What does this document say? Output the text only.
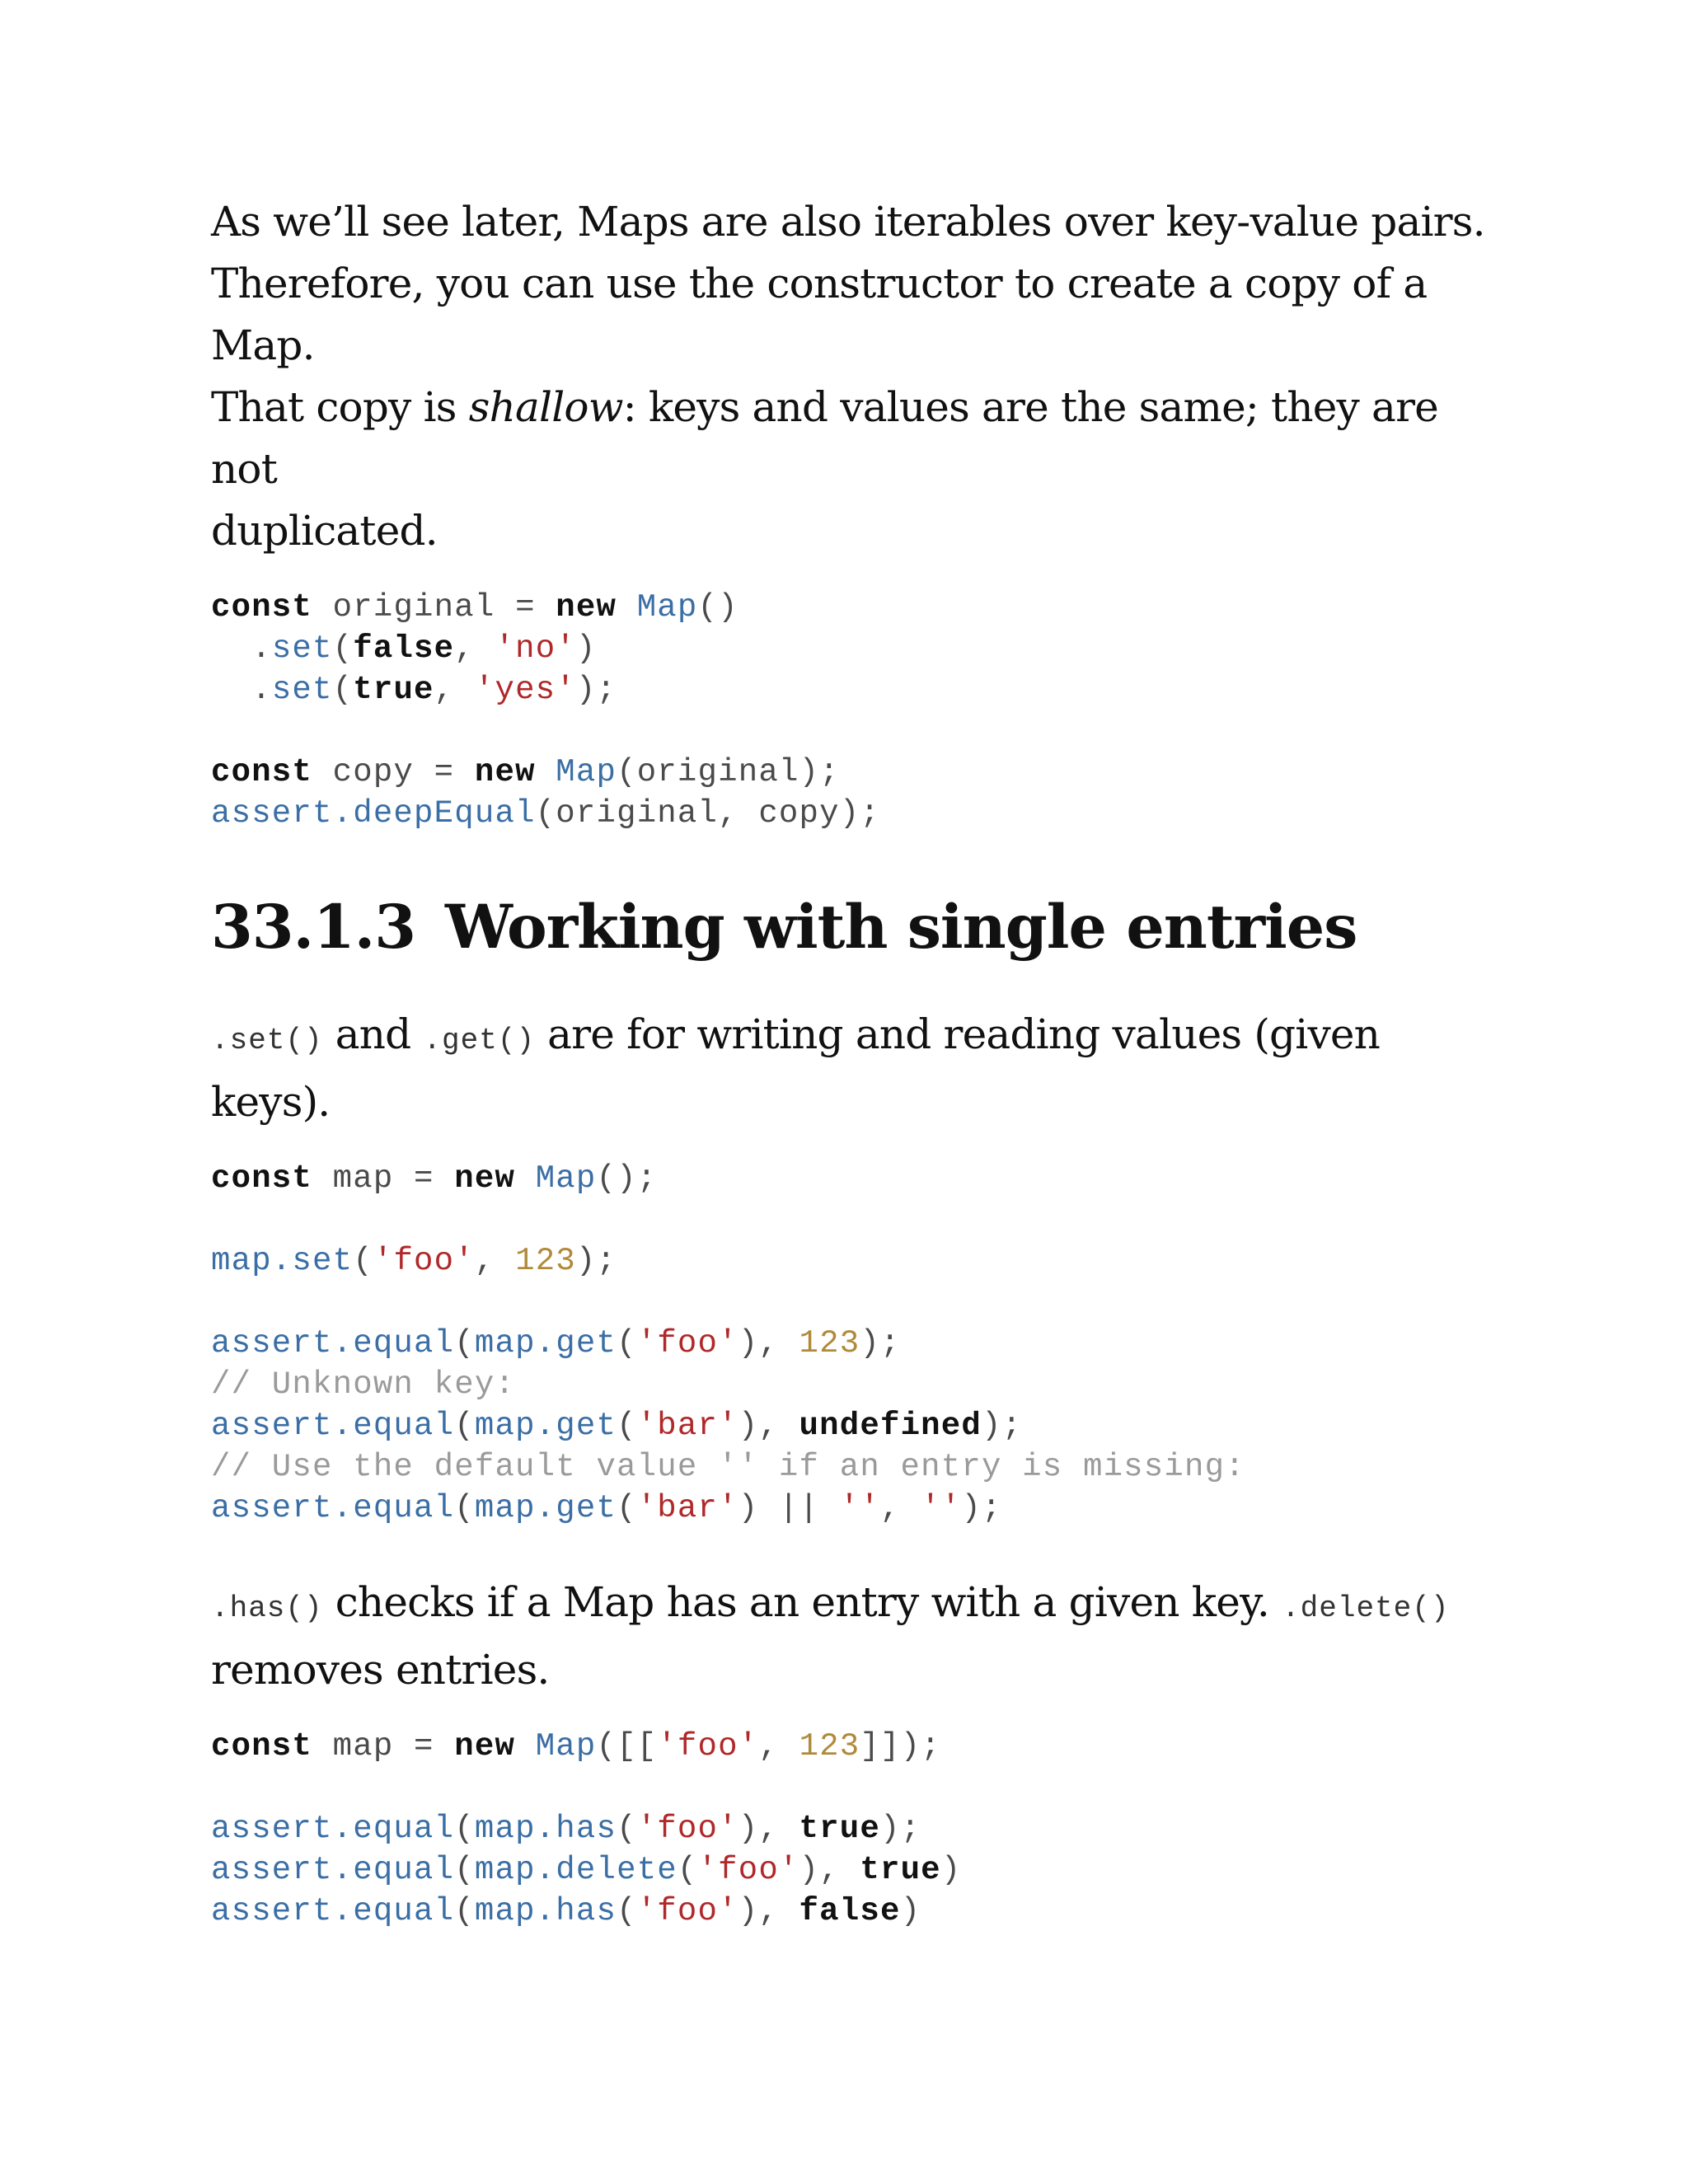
As we’ll see later, Maps are also iterables over key-value pairs.
Therefore, you can use the constructor to create a copy of a Map.
That copy is shallow: keys and values are the same; they are not
duplicated.

const original = new Map()
.set(false, 'no')
.set(true, 'yes');

const copy = new Map(original);
assert.deepEqual(original, copy);
33.1.3 Working with single entries

.set() and .get() are for writing and reading values (given keys).

const map = new Map();

map.set('foo', 123);

assert.equal(map.get('foo'), 123);
// Unknown key:
assert.equal(map.get('bar'), undefined);
// Use the default value '' if an entry is missing:
assert.equal(map.get('bar') || '', '');

.has() checks if a Map has an entry with a given key. .delete()
removes entries.

const map = new Map([['foo', 123]]);

assert.equal(map.has('foo'), true);
assert.equal(map.delete('foo'), true)
assert.equal(map.has('foo'), false)
